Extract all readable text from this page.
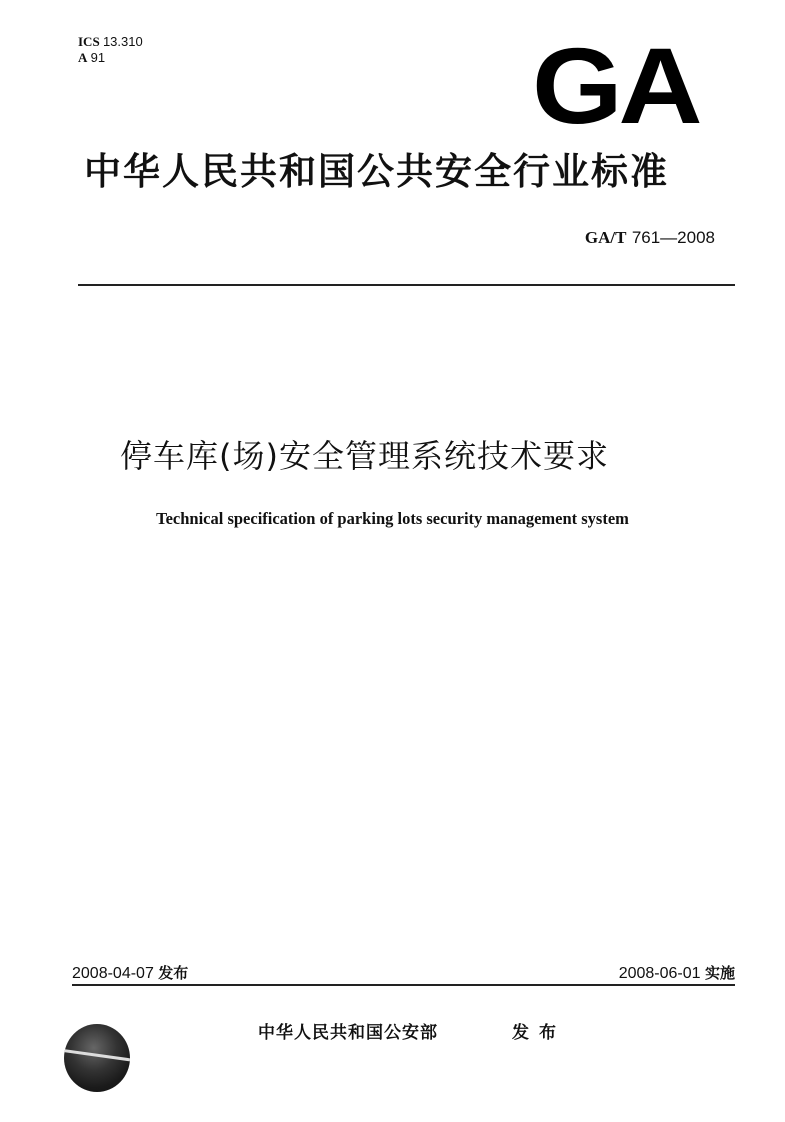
ICS 13.310
A 91	GA
中华人民共和国公共安全行业标准
GA/T 761—2008
停车库(场)安全管理系统技术要求
Technical specification of parking lots security management system
2008-04-07 发布	2008-06-01 实施
中华人民共和国公安部	发布
